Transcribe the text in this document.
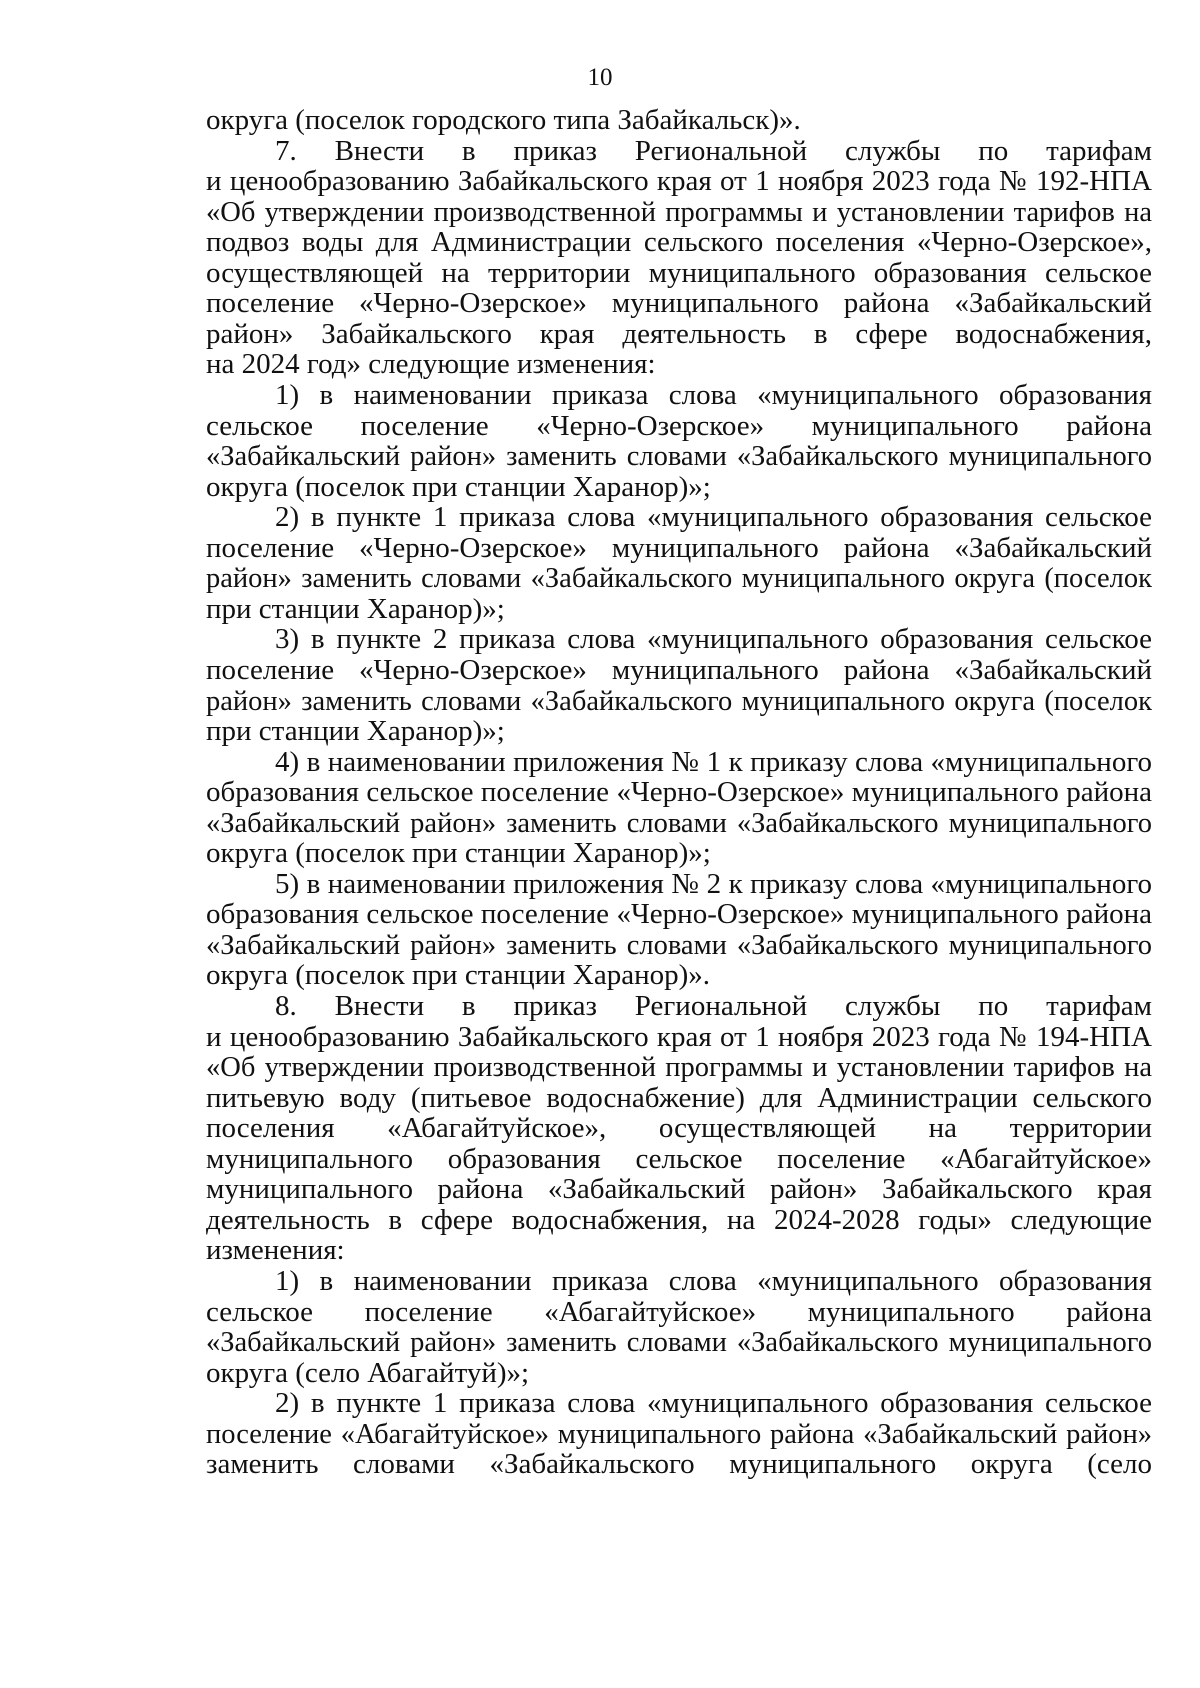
10
округа (поселок городского типа Забайкальск)».
7. Внести в приказ Региональной службы по тарифам
и ценообразованию Забайкальского края от 1 ноября 2023 года № 192-НПА
«Об утверждении производственной программы и установлении тарифов на
подвоз воды для Администрации сельского поселения «Черно-Озерское»,
осуществляющей на территории муниципального образования сельское
поселение «Черно-Озерское» муниципального района «Забайкальский
район» Забайкальского края деятельность в сфере водоснабжения,
на 2024 год» следующие изменения:
1) в наименовании приказа слова «муниципального образования
сельское поселение «Черно-Озерское» муниципального района
«Забайкальский район» заменить словами «Забайкальского муниципального
округа (поселок при станции Харанор)»;
2) в пункте 1 приказа слова «муниципального образования сельское
поселение «Черно-Озерское» муниципального района «Забайкальский
район» заменить словами «Забайкальского муниципального округа (поселок
при станции Харанор)»;
3) в пункте 2 приказа слова «муниципального образования сельское
поселение «Черно-Озерское» муниципального района «Забайкальский
район» заменить словами «Забайкальского муниципального округа (поселок
при станции Харанор)»;
4) в наименовании приложения № 1 к приказу слова «муниципального
образования сельское поселение «Черно-Озерское» муниципального района
«Забайкальский район» заменить словами «Забайкальского муниципального
округа (поселок при станции Харанор)»;
5) в наименовании приложения № 2 к приказу слова «муниципального
образования сельское поселение «Черно-Озерское» муниципального района
«Забайкальский район» заменить словами «Забайкальского муниципального
округа (поселок при станции Харанор)».
8. Внести в приказ Региональной службы по тарифам
и ценообразованию Забайкальского края от 1 ноября 2023 года № 194-НПА
«Об утверждении производственной программы и установлении тарифов на
питьевую воду (питьевое водоснабжение) для Администрации сельского
поселения «Абагайтуйское», осуществляющей на территории
муниципального образования сельское поселение «Абагайтуйское»
муниципального района «Забайкальский район» Забайкальского края
деятельность в сфере водоснабжения, на 2024-2028 годы» следующие
изменения:
1) в наименовании приказа слова «муниципального образования
сельское поселение «Абагайтуйское» муниципального района
«Забайкальский район» заменить словами «Забайкальского муниципального
округа (село Абагайтуй)»;
2) в пункте 1 приказа слова «муниципального образования сельское
поселение «Абагайтуйское» муниципального района «Забайкальский район»
заменить словами «Забайкальского муниципального округа (село
